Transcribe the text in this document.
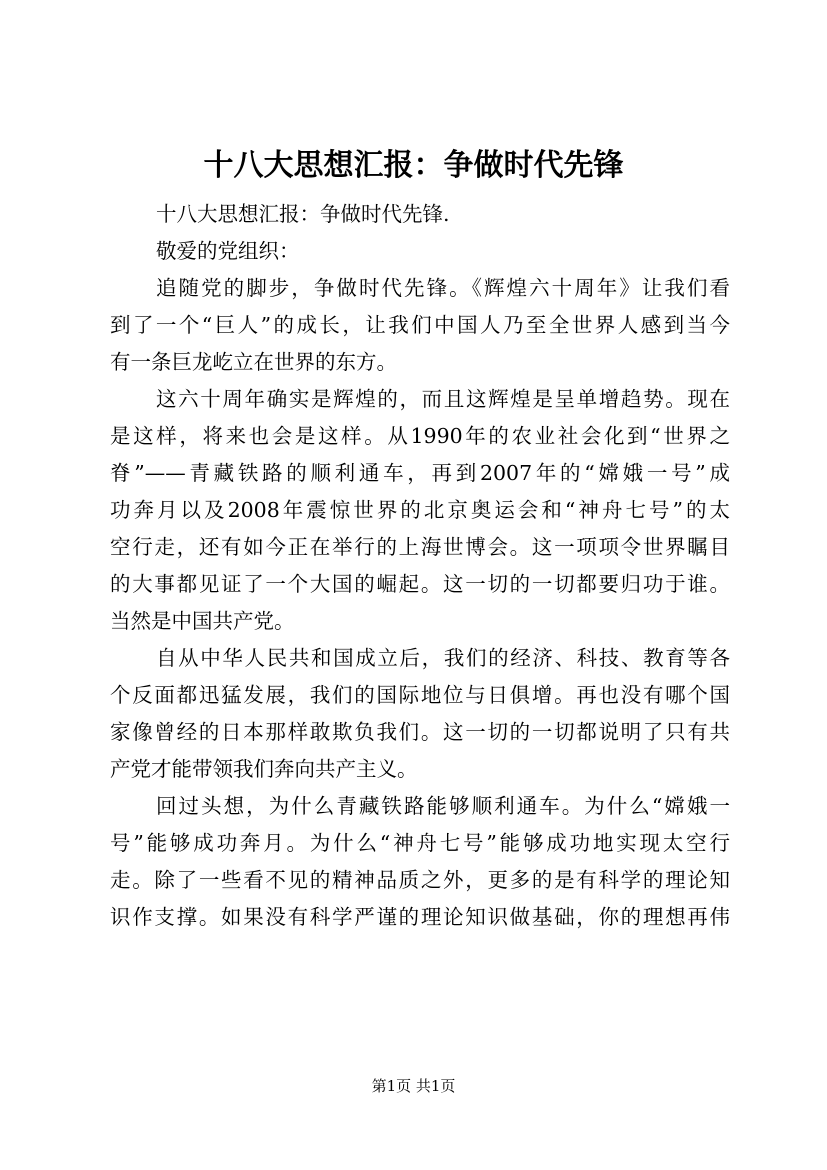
十八大思想汇报：争做时代先锋
十八大思想汇报：争做时代先锋.
敬爱的党组织：
追随党的脚步，争做时代先锋。《辉煌六十周年》让我们看
到了一个“巨人”的成长，让我们中国人乃至全世界人感到当今
有一条巨龙屹立在世界的东方。
这六十周年确实是辉煌的，而且这辉煌是呈单增趋势。现在
是这样，将来也会是这样。从1990年的农业社会化到“世界之
脊”——青藏铁路的顺利通车，再到2007年的“嫦娥一号”成
功奔月以及2008年震惊世界的北京奥运会和“神舟七号”的太
空行走，还有如今正在举行的上海世博会。这一项项令世界瞩目
的大事都见证了一个大国的崛起。这一切的一切都要归功于谁。
当然是中国共产党。
自从中华人民共和国成立后，我们的经济、科技、教育等各
个反面都迅猛发展，我们的国际地位与日俱增。再也没有哪个国
家像曾经的日本那样敢欺负我们。这一切的一切都说明了只有共
产党才能带领我们奔向共产主义。
回过头想，为什么青藏铁路能够顺利通车。为什么“嫦娥一
号”能够成功奔月。为什么“神舟七号”能够成功地实现太空行
走。除了一些看不见的精神品质之外，更多的是有科学的理论知
识作支撑。如果没有科学严谨的理论知识做基础，你的理想再伟
第1页 共1页
